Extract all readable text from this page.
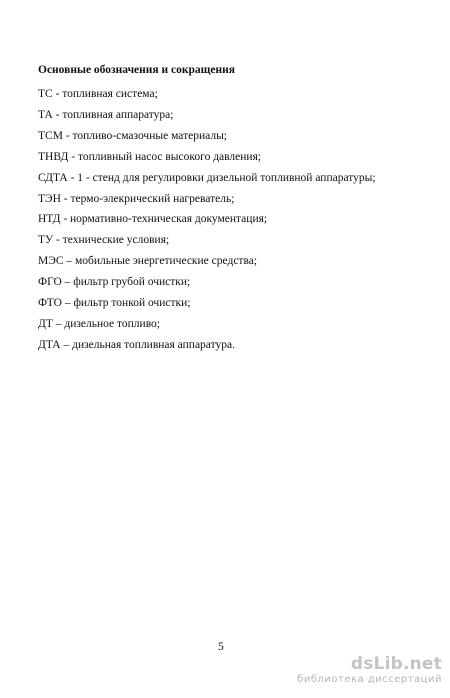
Основные обозначения и сокращения
ТС - топливная система;
ТА - топливная аппаратура;
ТСМ - топливо-смазочные материалы;
ТНВД - топливный насос высокого давления;
СДТА - 1 - стенд для регулировки дизельной топливной аппаратуры;
ТЭН - термо-элекрический нагреватель;
НТД - нормативно-техническая документация;
ТУ - технические условия;
МЭС – мобильные энергетические средства;
ФГО – фильтр грубой очистки;
ФТО – фильтр тонкой очистки;
ДТ – дизельное топливо;
ДТА – дизельная топливная аппаратура.
5
dsLib.net
библиотека диссертаций
